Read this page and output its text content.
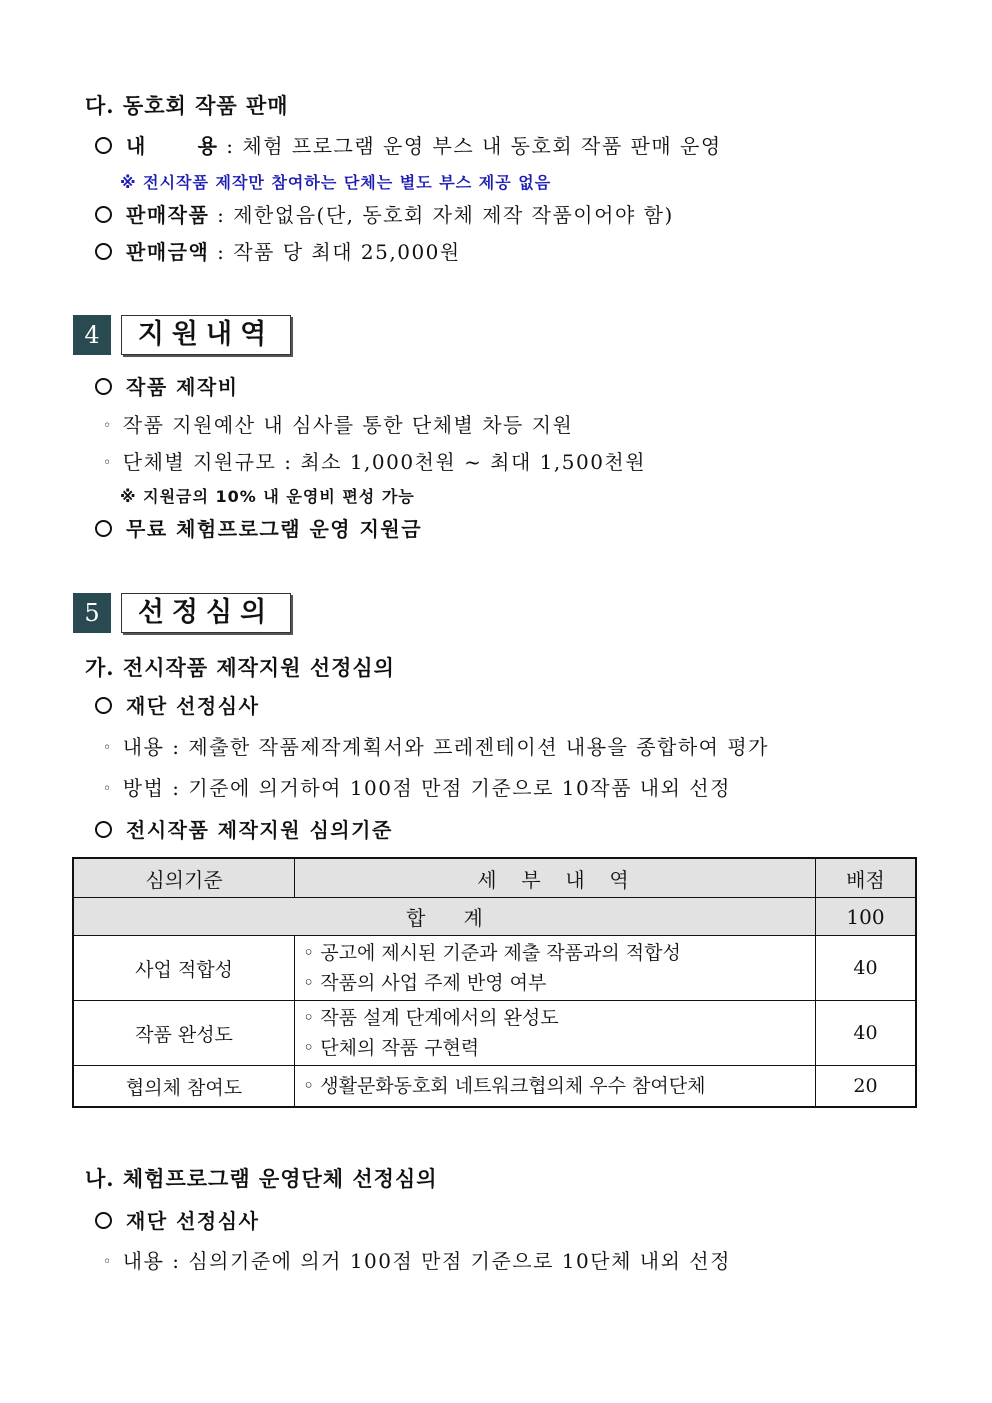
다. 동호회 작품 판매
내      용 : 체험 프로그램 운영 부스 내 동호회 작품 판매 운영
※ 전시작품 제작만 참여하는 단체는 별도 부스 제공 없음
판매작품 : 제한없음(단, 동호회 자체 제작 작품이어야 함)
판매금액 : 작품 당 최대 25,000원
4	지원내역
작품 제작비
◦ 작품 지원예산 내 심사를 통한 단체별 차등 지원
◦ 단체별 지원규모 : 최소 1,000천원 ~ 최대 1,500천원
※ 지원금의 10% 내 운영비 편성 가능
무료 체험프로그램 운영 지원금
5	선정심의
가. 전시작품 제작지원 선정심의
재단 선정심사
◦ 내용 : 제출한 작품제작계획서와 프레젠테이션 내용을 종합하여 평가
◦ 방법 : 기준에 의거하여 100점 만점 기준으로 10작품 내외 선정
전시작품 제작지원 심의기준
심의기준	세  부  내  역	배점
합      계		100
사업 적합성	◦ 공고에 제시된 기준과 제출 작품과의 적합성
◦ 작품의 사업 주제 반영 여부	40
작품 완성도	◦ 작품 설계 단계에서의 완성도
◦ 단체의 작품 구현력	40
협의체 참여도	◦ 생활문화동호회 네트워크협의체 우수 참여단체	20
나. 체험프로그램 운영단체 선정심의
재단 선정심사
◦ 내용 : 심의기준에 의거 100점 만점 기준으로 10단체 내외 선정
